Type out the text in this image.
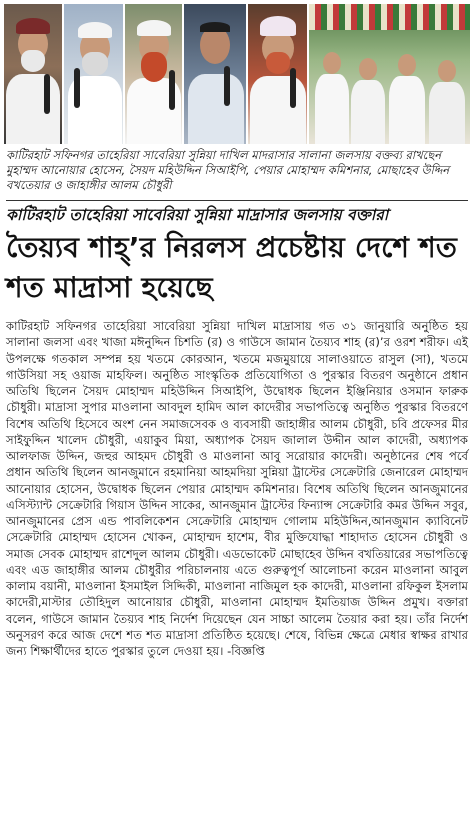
কাটিরহাট সফিনগর তাহেরিয়া সাবেরিয়া সুন্নিয়া দাখিল মাদরাসার সালানা জলসায় বক্তব্য রাখছেন মুহাম্মদ আনোয়ার হোসেন, সৈয়দ মহিউদ্দিন সিআইপি, পেয়ার মোহাম্মদ কমিশনার, মোছাহেব উদ্দিন বখতেয়ার ও জাহাঙ্গীর আলম চৌধুরী

কাটিরহাট তাহেরিয়া সাবেরিয়া সুন্নিয়া মাদ্রাসার জলসায় বক্তারা
তৈয়্যব শাহ্’র নিরলস প্রচেষ্টায় দেশে শত শত মাদ্রাসা হয়েছে

কাটিরহাট সফিনগর তাহেরিয়া সাবেরিয়া সুন্নিয়া দাখিল মাদ্রাসায় গত ৩১ জানুয়ারি অনুষ্ঠিত হয় সালানা জলসা এবং খাজা মঈনুদ্দিন চিশতি (র) ও গাউসে জামান তৈয়্যব শাহ (র)’র ওরশ শরীফ। এই উপলক্ষে গতকাল সম্পন্ন হয় খতমে কোরআন, খতমে মজমুয়ায়ে সালাওয়াতে রাসুল (সা), খতমে গাউসিয়া সহ ওয়াজ মাহফিল। অনুষ্ঠিত সাংস্কৃতিক প্রতিযোগিতা ও পুরস্কার বিতরণ অনুষ্ঠানে প্রধান অতিথি ছিলেন সৈয়দ মোহাম্মদ মহিউদ্দিন সিআইপি, উদ্বোধক ছিলেন ইঞ্জিনিয়ার ওসমান ফারুক চৌধুরী। মাদ্রাসা সুপার মাওলানা আবদুল হামিদ আল কাদেরীর সভাপতিত্বে অনুষ্ঠিত পুরস্কার বিতরণে বিশেষ অতিথি হিসেবে অংশ নেন সমাজসেবক ও ব্যবসায়ী জাহাঙ্গীর আলম চৌধুরী, চবি প্রফেসর মীর সাইফুদ্দিন খালেদ চৌধুরী, এয়াকুব মিয়া, অধ্যাপক সৈয়দ জালাল উদ্দীন আল কাদেরী, অধ্যাপক আলফাজ উদ্দিন, জহুর আহমদ চৌধুরী ও মাওলানা আবু সরোয়ার কাদেরী। অনুষ্ঠানের শেষ পর্বে প্রধান অতিথি ছিলেন আনজুমানে রহমানিয়া আহমদিয়া সুন্নিয়া ট্রাস্টের সেক্রেটারি জেনারেল মোহাম্মদ আনোয়ার হোসেন, উদ্বোধক ছিলেন পেয়ার মোহাম্মদ কমিশনার। বিশেষ অতিথি ছিলেন আনজুমানের এসিস্ট্যান্ট সেক্রেটারি গিয়াস উদ্দিন সাকের, আনজুমান ট্রাস্টের ফিন্যান্স সেক্রেটারি কমর উদ্দিন সবুর, আনজুমানের প্রেস এন্ড পাবলিকেশন সেক্রেটারি মোহাম্মদ গোলাম মহিউদ্দিন,আনজুমান ক্যাবিনেট সেক্রেটারি মোহাম্মদ হোসেন খোকন, মোহাম্মদ হাশেম, বীর মুক্তিযোদ্ধা শাহাদাত হোসেন চৌধুরী ও সমাজ সেবক মোহাম্মদ রাশেদুল আলম চৌধুরী। এডভোকেট মোছাহেব উদ্দিন বখতিয়ারের সভাপতিত্বে এবং এড জাহাঙ্গীর আলম চৌধুরীর পরিচালনায় এতে গুরুত্বপূর্ণ আলোচনা করেন মাওলানা আবুল কালাম বয়ানী, মাওলানা ইসমাইল সিদ্দিকী, মাওলানা নাজিমুল হক কাদেরী, মাওলানা রফিকুল ইসলাম কাদেরী,মাস্টার তৌহিদুল আনোয়ার চৌধুরী, মাওলানা মোহাম্মদ ইমতিয়াজ উদ্দিন প্রমুখ। বক্তারা বলেন, গাউসে জামান তৈয়্যব শাহ নির্দেশ দিয়েছেন যেন সাচ্চা আলেম তৈয়ার করা হয়। তাঁর নির্দেশ অনুসরণ করে আজ দেশে শত শত মাদ্রাসা প্রতিষ্ঠিত হয়েছে। শেষে, বিভিন্ন ক্ষেত্রে মেধার স্বাক্ষর রাখার জন্য শিক্ষার্থীদের হাতে পুরস্কার তুলে দেওয়া হয়। -বিজ্ঞপ্তি
